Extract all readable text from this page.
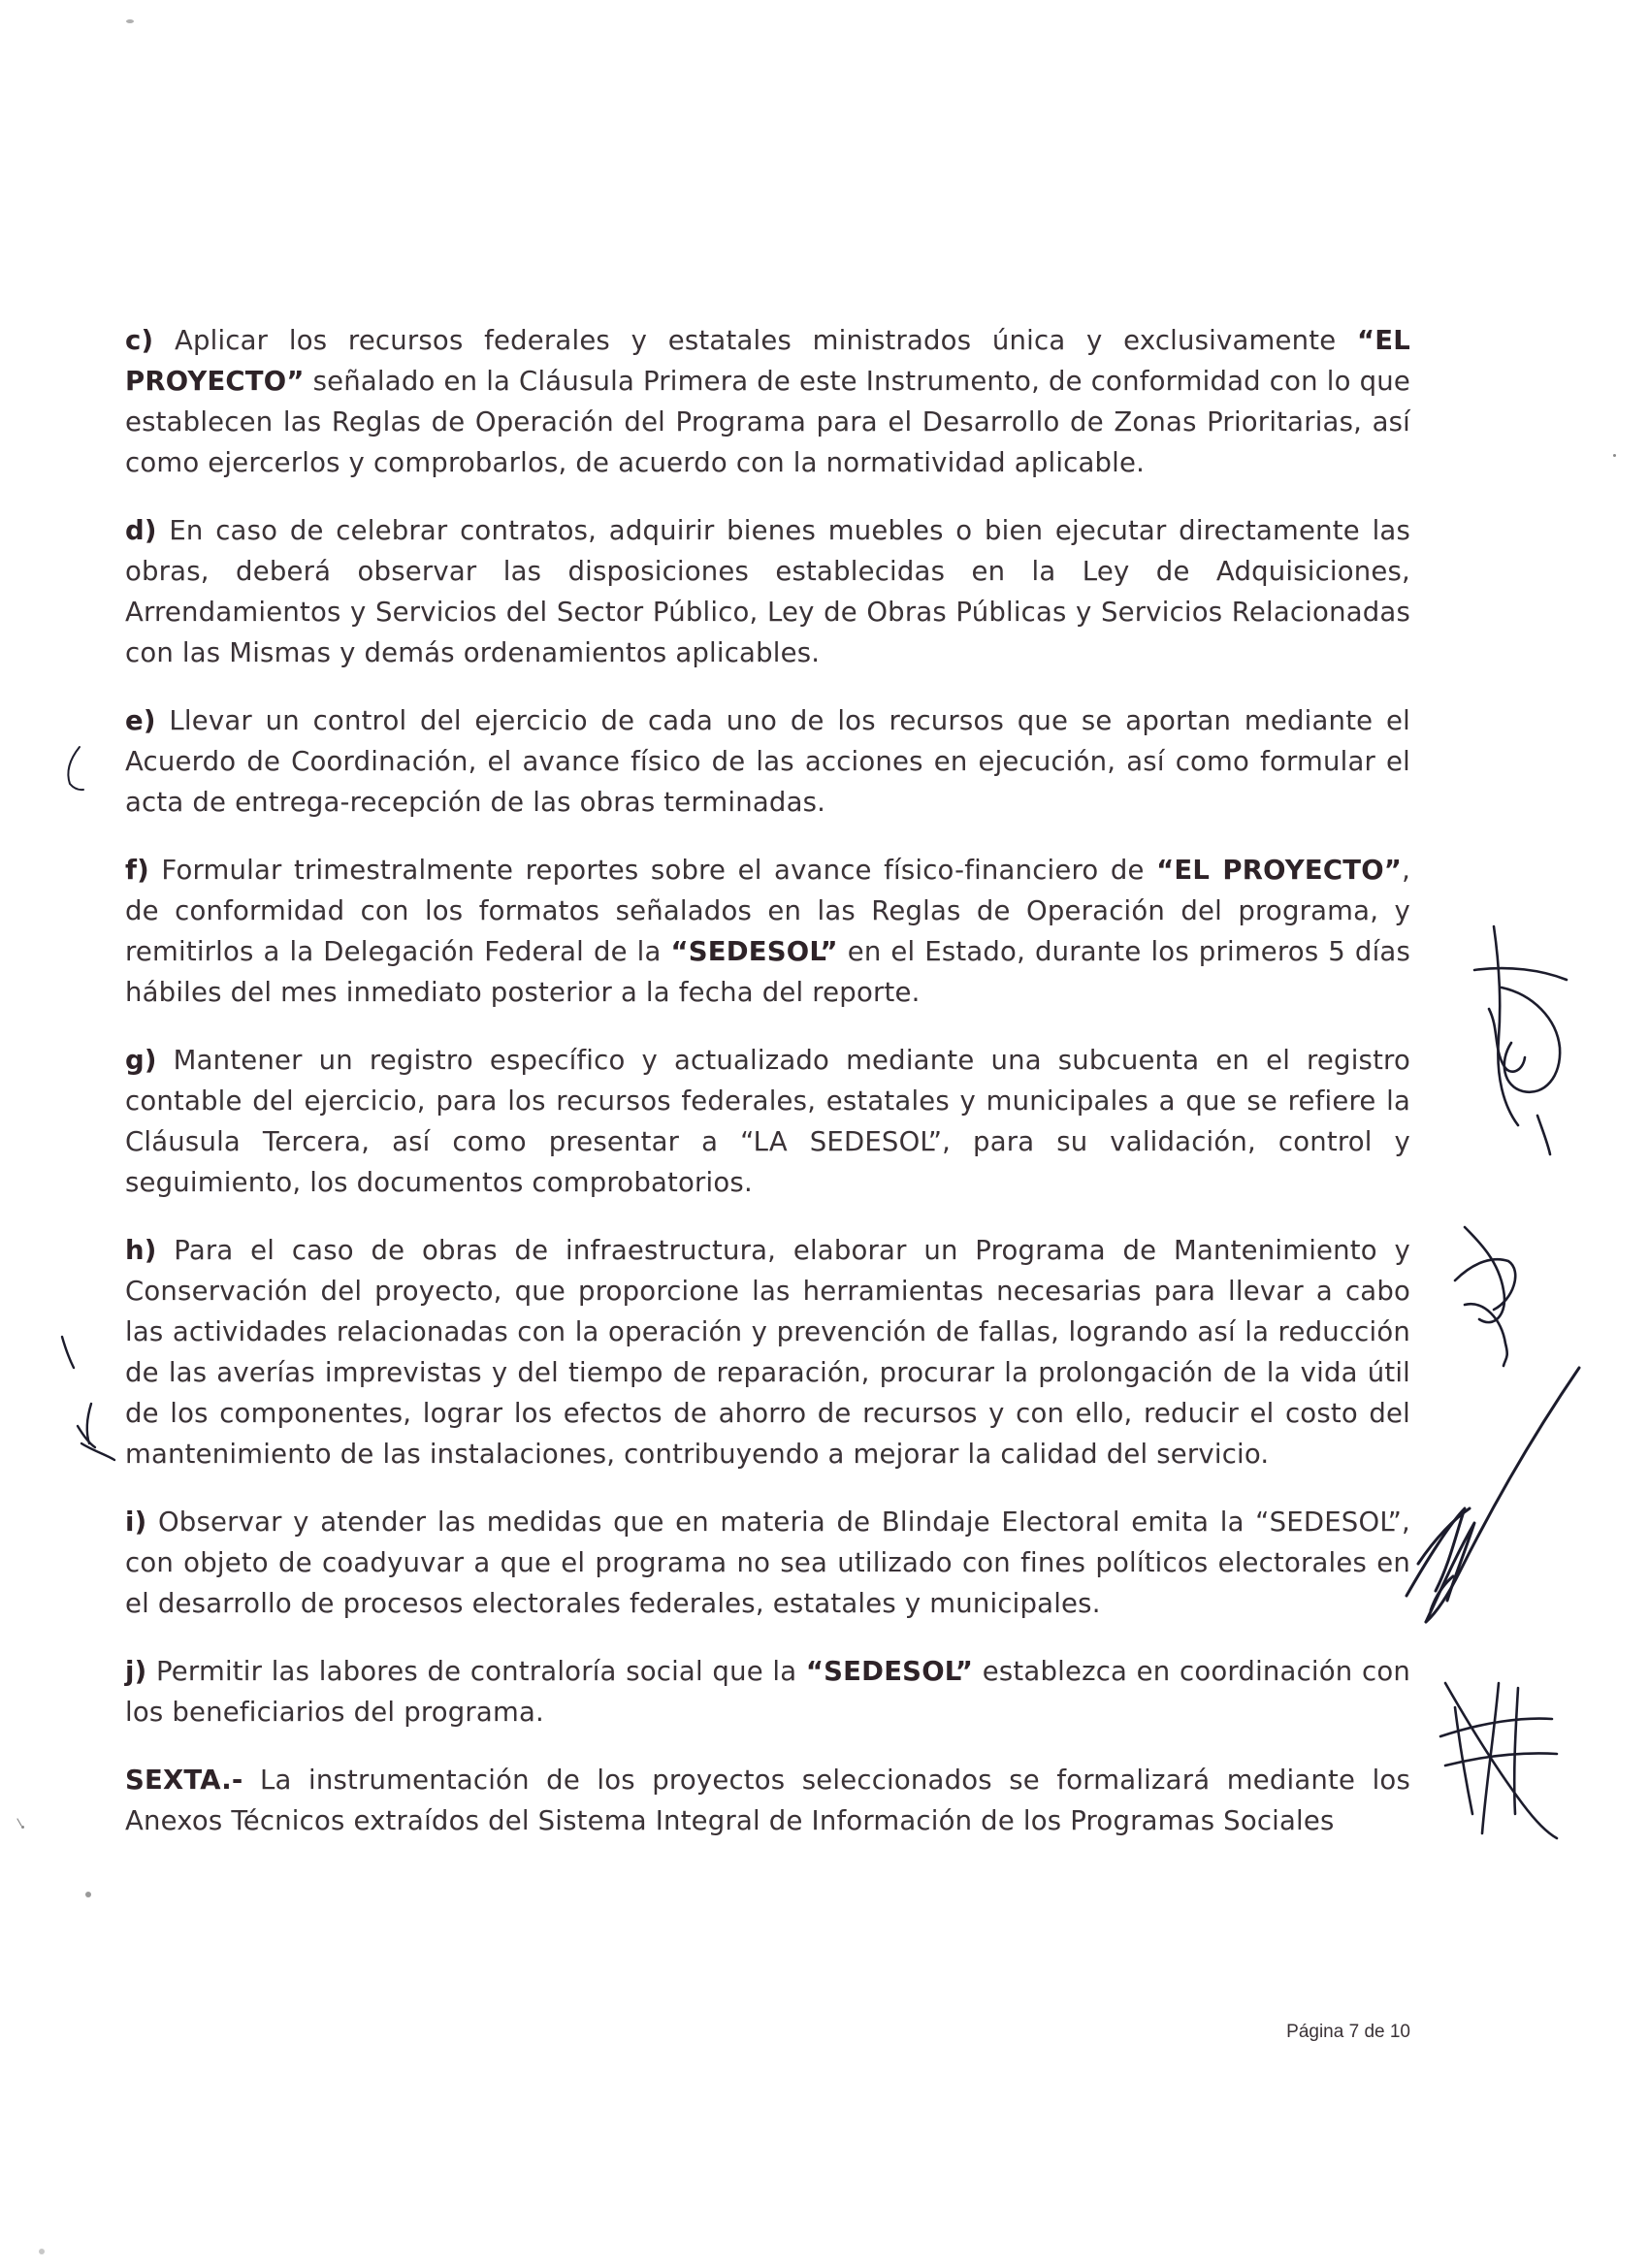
c) Aplicar los recursos federales y estatales ministrados única y exclusivamente “EL PROYECTO” señalado en la Cláusula Primera de este Instrumento, de conformidad con lo que establecen las Reglas de Operación del Programa para el Desarrollo de Zonas Prioritarias, así como ejercerlos y comprobarlos, de acuerdo con la normatividad aplicable.

d) En caso de celebrar contratos, adquirir bienes muebles o bien ejecutar directamente las obras, deberá observar las disposiciones establecidas en la Ley de Adquisiciones, Arrendamientos y Servicios del Sector Público, Ley de Obras Públicas y Servicios Relacionadas con las Mismas y demás ordenamientos aplicables.

e) Llevar un control del ejercicio de cada uno de los recursos que se aportan mediante el Acuerdo de Coordinación, el avance físico de las acciones en ejecución, así como formular el acta de entrega-recepción de las obras terminadas.

f) Formular trimestralmente reportes sobre el avance físico-financiero de “EL PROYECTO”, de conformidad con los formatos señalados en las Reglas de Operación del programa, y remitirlos a la Delegación Federal de la “SEDESOL” en el Estado, durante los primeros 5 días hábiles del mes inmediato posterior a la fecha del reporte.

g) Mantener un registro específico y actualizado mediante una subcuenta en el registro contable del ejercicio, para los recursos federales, estatales y municipales a que se refiere la Cláusula Tercera, así como presentar a “LA SEDESOL”, para su validación, control y seguimiento, los documentos comprobatorios.

h) Para el caso de obras de infraestructura, elaborar un Programa de Mantenimiento y Conservación del proyecto, que proporcione las herramientas necesarias para llevar a cabo las actividades relacionadas con la operación y prevención de fallas, logrando así la reducción de las averías imprevistas y del tiempo de reparación, procurar la prolongación de la vida útil de los componentes, lograr los efectos de ahorro de recursos y con ello, reducir el costo del mantenimiento de las instalaciones, contribuyendo a mejorar la calidad del servicio.

i) Observar y atender las medidas que en materia de Blindaje Electoral emita la “SEDESOL”, con objeto de coadyuvar a que el programa no sea utilizado con fines políticos electorales en el desarrollo de procesos electorales federales, estatales y municipales.

j) Permitir las labores de contraloría social que la “SEDESOL” establezca en coordinación con los beneficiarios del programa.

SEXTA.- La instrumentación de los proyectos seleccionados se formalizará mediante los Anexos Técnicos extraídos del Sistema Integral de Información de los Programas Sociales

Página 7 de 10
